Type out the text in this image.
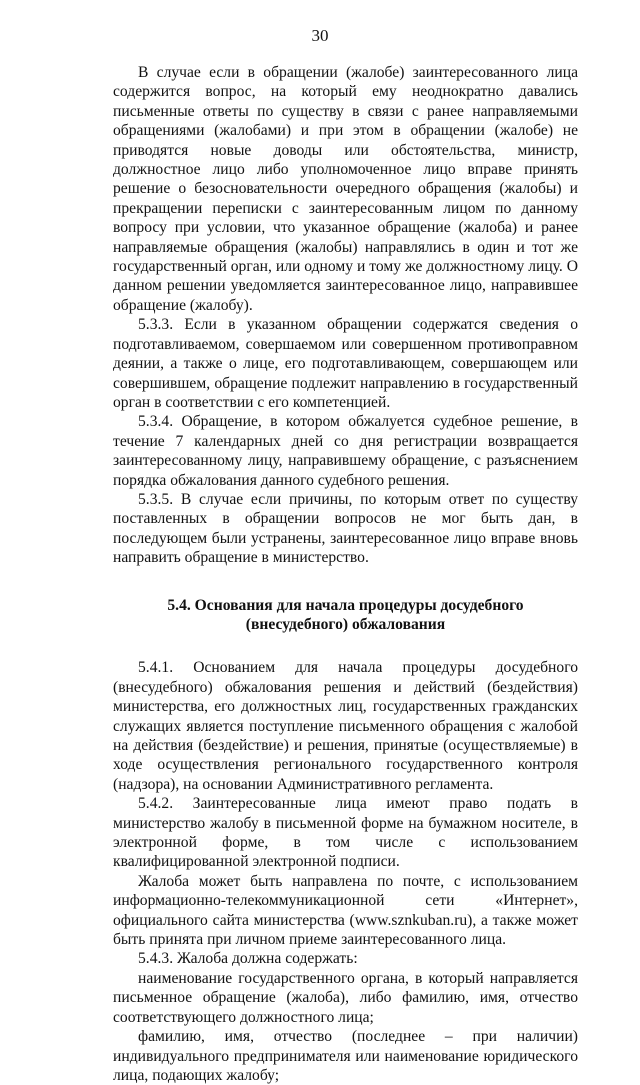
30

В случае если в обращении (жалобе) заинтересованного лица содержится вопрос, на который ему неоднократно давались письменные ответы по существу в связи с ранее направляемыми обращениями (жалобами) и при этом в обращении (жалобе) не приводятся новые доводы или обстоятельства, министр, должностное лицо либо уполномоченное лицо вправе принять решение о безосновательности очередного обращения (жалобы) и прекращении переписки с заинтересованным лицом по данному вопросу при условии, что указанное обращение (жалоба) и ранее направляемые обращения (жалобы) направлялись в один и тот же государственный орган, или одному и тому же должностному лицу. О данном решении уведомляется заинтересованное лицо, направившее обращение (жалобу).

5.3.3. Если в указанном обращении содержатся сведения о подготавливаемом, совершаемом или совершенном противоправном деянии, а также о лице, его подготавливающем, совершающем или совершившем, обращение подлежит направлению в государственный орган в соответствии с его компетенцией.

5.3.4. Обращение, в котором обжалуется судебное решение, в течение 7 календарных дней со дня регистрации возвращается заинтересованному лицу, направившему обращение, с разъяснением порядка обжалования данного судебного решения.

5.3.5. В случае если причины, по которым ответ по существу поставленных в обращении вопросов не мог быть дан, в последующем были устранены, заинтересованное лицо вправе вновь направить обращение в министерство.

5.4. Основания для начала процедуры досудебного
(внесудебного) обжалования

5.4.1. Основанием для начала процедуры досудебного (внесудебного) обжалования решения и действий (бездействия) министерства, его должностных лиц, государственных гражданских служащих является поступление письменного обращения с жалобой на действия (бездействие) и решения, принятые (осуществляемые) в ходе осуществления регионального государственного контроля (надзора), на основании Административного регламента.

5.4.2. Заинтересованные лица имеют право подать в министерство жалобу в письменной форме на бумажном носителе, в электронной форме, в том числе с использованием квалифицированной электронной подписи.

Жалоба может быть направлена по почте, с использованием информационно-телекоммуникационной сети «Интернет», официального сайта министерства (www.sznkuban.ru), а также может быть принята при личном приеме заинтересованного лица.

5.4.3. Жалоба должна содержать:

наименование государственного органа, в который направляется письменное обращение (жалоба), либо фамилию, имя, отчество соответствующего должностного лица;

фамилию, имя, отчество (последнее – при наличии) индивидуального предпринимателя или наименование юридического лица, подающих жалобу;
